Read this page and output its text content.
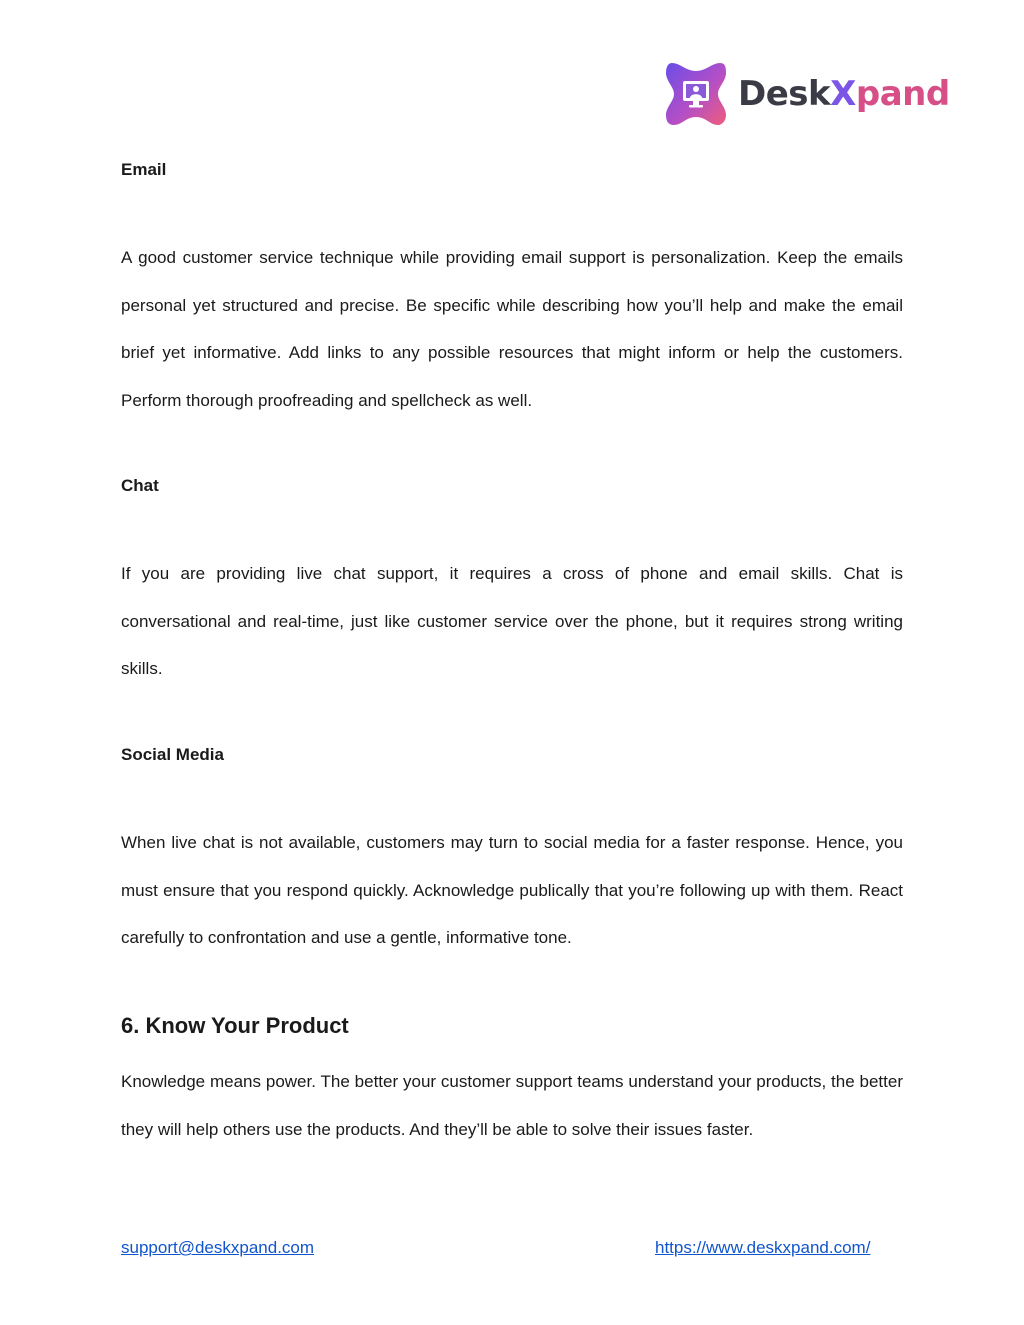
DeskXpand
Email

A good customer service technique while providing email support is personalization. Keep the emails personal yet structured and precise. Be specific while describing how you’ll help and make the email brief yet informative. Add links to any possible resources that might inform or help the customers. Perform thorough proofreading and spellcheck as well.

Chat

If you are providing live chat support, it requires a cross of phone and email skills. Chat is conversational and real-time, just like customer service over the phone, but it requires strong writing skills.

Social Media

When live chat is not available, customers may turn to social media for a faster response. Hence, you must ensure that you respond quickly. Acknowledge publically that you’re following up with them. React carefully to confrontation and use a gentle, informative tone.

6. Know Your Product

Knowledge means power. The better your customer support teams understand your products, the better they will help others use the products. And they’ll be able to solve their issues faster.

support@deskxpand.com	https://www.deskxpand.com/
